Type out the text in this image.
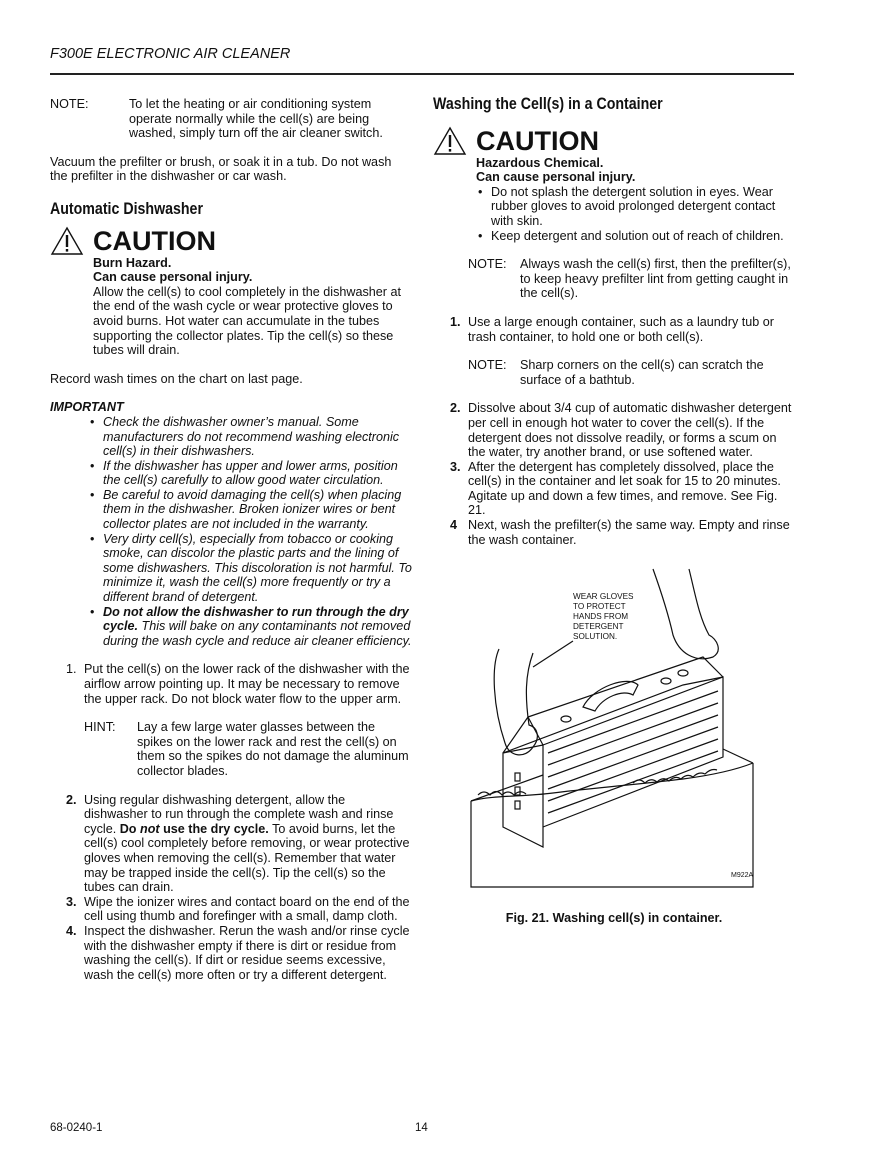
F300E ELECTRONIC AIR CLEANER
NOTE:	To let the heating or air conditioning system operate normally while the cell(s) are being washed, simply turn off the air cleaner switch.

Vacuum the prefilter or brush, or soak it in a tub. Do not wash the prefilter in the dishwasher or car wash.

Automatic Dishwasher

CAUTION

Burn Hazard.

Can cause personal injury.

Allow the cell(s) to cool completely in the dishwasher at the end of the wash cycle or wear protective gloves to avoid burns. Hot water can accumulate in the tubes supporting the collector plates. Tip the cell(s) so these tubes will drain.

Record wash times on the chart on last page.

IMPORTANT

• Check the dishwasher owner’s manual. Some manufacturers do not recommend washing electronic cell(s) in their dishwashers.
• If the dishwasher has upper and lower arms, position the cell(s) carefully to allow good water circulation.
• Be careful to avoid damaging the cell(s) when placing them in the dishwasher. Broken ionizer wires or bent collector plates are not included in the warranty.
• Very dirty cell(s), especially from tobacco or cooking smoke, can discolor the plastic parts and the lining of some dishwashers. This discoloration is not harmful. To minimize it, wash the cell(s) more frequently or try a different brand of detergent.
• Do not allow the dishwasher to run through the dry cycle. This will bake on any contaminants not removed during the wash cycle and reduce air cleaner efficiency.
1. Put the cell(s) on the lower rack of the dishwasher with the airflow arrow pointing up. It may be necessary to remove the upper rack. Do not block water flow to the upper arm.
HINT:	Lay a few large water glasses between the spikes on the lower rack and rest the cell(s) on them so the spikes do not damage the aluminum collector blades.
2. Using regular dishwashing detergent, allow the dishwasher to run through the complete wash and rinse cycle. Do not use the dry cycle. To avoid burns, let the cell(s) cool completely before removing, or wear protective gloves when removing the cell(s). Remember that water may be trapped inside the cell(s). Tip the cell(s) so the tubes can drain.
3. Wipe the ionizer wires and contact board on the end of the cell using thumb and forefinger with a small, damp cloth.
4. Inspect the dishwasher. Rerun the wash and/or rinse cycle with the dishwasher empty if there is dirt or residue from washing the cell(s). If dirt or residue seems excessive, wash the cell(s) more often or try a different detergent.

Washing the Cell(s) in a Container

CAUTION

Hazardous Chemical.

Can cause personal injury.

• Do not splash the detergent solution in eyes. Wear rubber gloves to avoid prolonged detergent contact with skin.
• Keep detergent and solution out of reach of children.
NOTE:	Always wash the cell(s) first, then the prefilter(s), to keep heavy prefilter lint from getting caught in the cell(s).
1. Use a large enough container, such as a laundry tub or trash container, to hold one or both cell(s).
NOTE:	Sharp corners on the cell(s) can scratch the surface of a bathtub.
2. Dissolve about 3/4 cup of automatic dishwasher detergent per cell in enough hot water to cover the cell(s). If the detergent does not dissolve readily, or forms a scum on the water, try another brand, or use softened water.
3. After the detergent has completely dissolved, place the cell(s) in the container and let soak for 15 to 20 minutes. Agitate up and down a few times, and remove. See Fig. 21.
4 Next, wash the prefilter(s) the same way. Empty and rinse the wash container.
WEAR GLOVES
TO PROTECT
HANDS FROM
DETERGENT
SOLUTION.
M922A

Fig. 21. Washing cell(s) in container.

68-0240-1	14
